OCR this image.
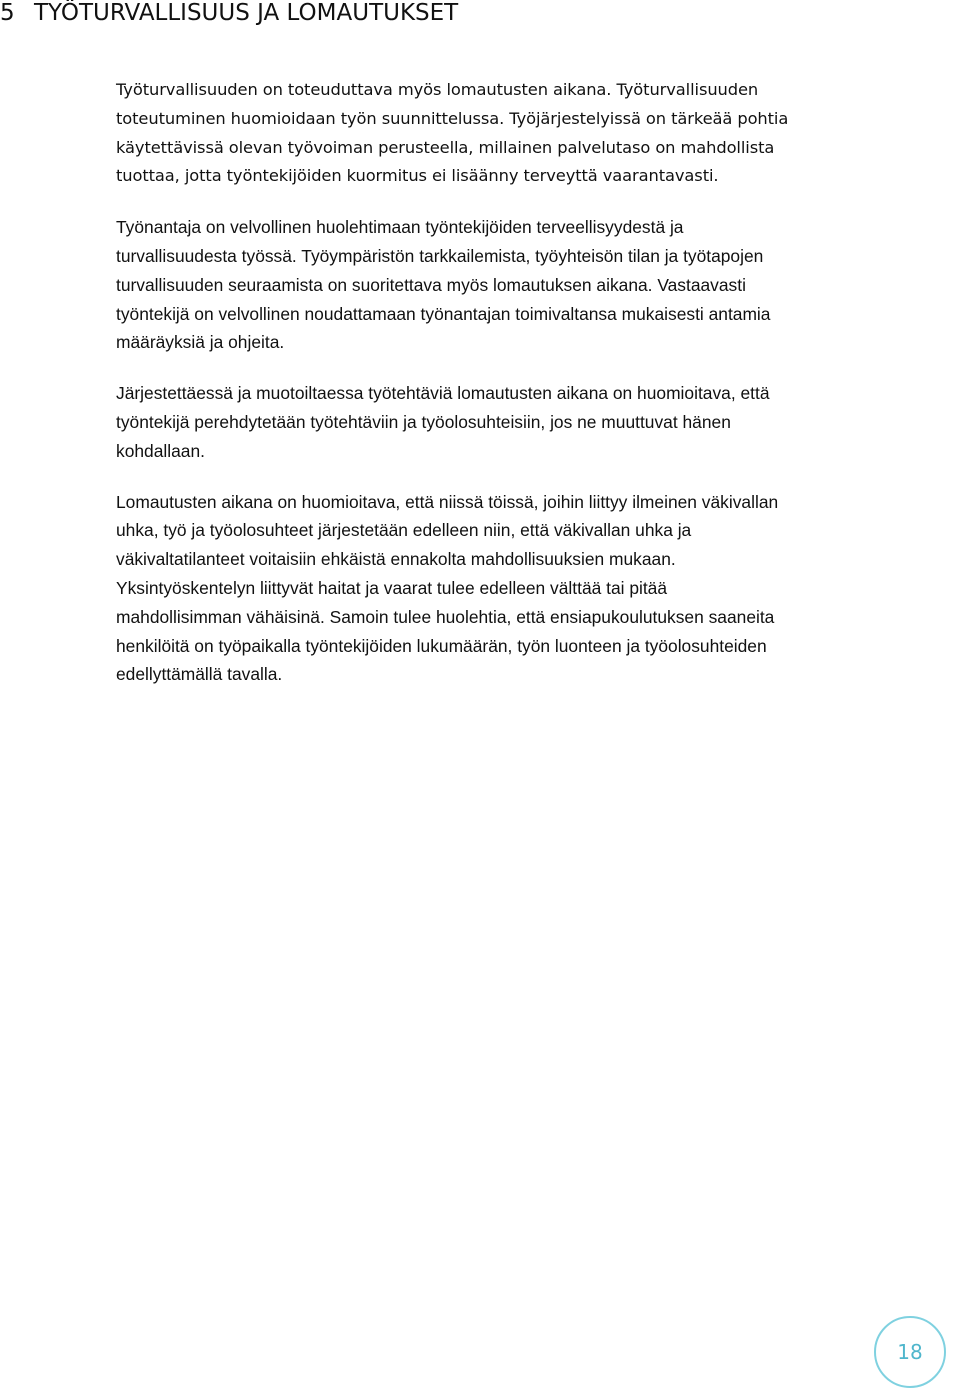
5 TYÖTURVALLISUUS JA LOMAUTUKSET

Työturvallisuuden on toteuduttava myös lomautusten aikana. Työturvallisuuden
toteutuminen huomioidaan työn suunnittelussa. Työjärjestelyissä on tärkeää pohtia
käytettävissä olevan työvoiman perusteella, millainen palvelutaso on mahdollista
tuottaa, jotta työntekijöiden kuormitus ei lisäänny terveyttä vaarantavasti.

Työnantaja on velvollinen huolehtimaan työntekijöiden terveellisyydestä ja
turvallisuudesta työssä. Työympäristön tarkkailemista, työyhteisön tilan ja työtapojen
turvallisuuden seuraamista on suoritettava myös lomautuksen aikana. Vastaavasti
työntekijä on velvollinen noudattamaan työnantajan toimivaltansa mukaisesti antamia
määräyksiä ja ohjeita.

Järjestettäessä ja muotoiltaessa työtehtäviä lomautusten aikana on huomioitava, että
työntekijä perehdytetään työtehtäviin ja työolosuhteisiin, jos ne muuttuvat hänen
kohdallaan.

Lomautusten aikana on huomioitava, että niissä töissä, joihin liittyy ilmeinen väkivallan
uhka, työ ja työolosuhteet järjestetään edelleen niin, että väkivallan uhka ja
väkivaltatilanteet voitaisiin ehkäistä ennakolta mahdollisuuksien mukaan.
Yksintyöskentelyn liittyvät haitat ja vaarat tulee edelleen välttää tai pitää
mahdollisimman vähäisinä. Samoin tulee huolehtia, että ensiapukoulutuksen saaneita
henkilöitä on työpaikalla työntekijöiden lukumäärän, työn luonteen ja työolosuhteiden
edellyttämällä tavalla.

18
